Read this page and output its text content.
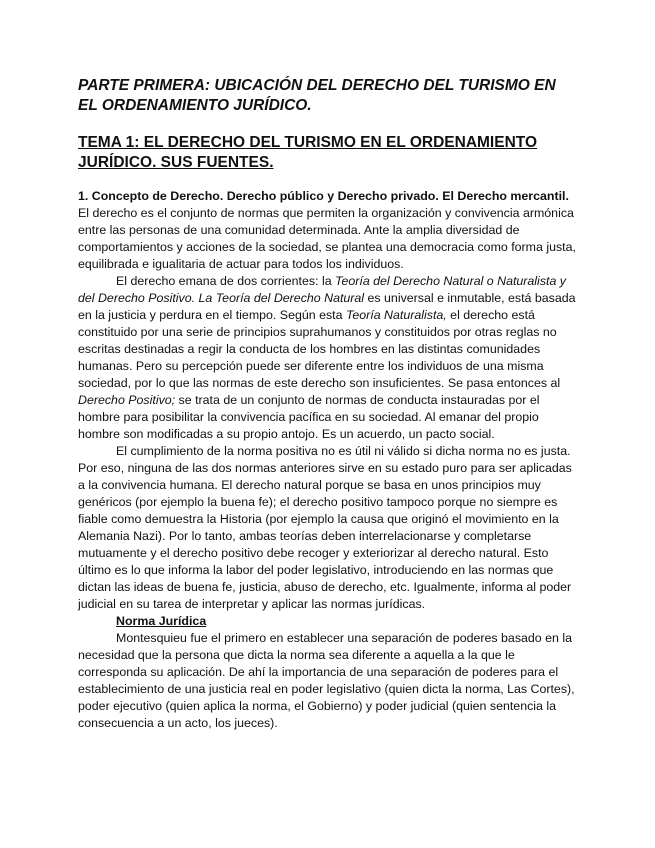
PARTE PRIMERA: UBICACIÓN DEL DERECHO DEL TURISMO EN EL ORDENAMIENTO JURÍDICO.
TEMA 1: EL DERECHO DEL TURISMO EN EL ORDENAMIENTO JURÍDICO. SUS FUENTES.

1. Concepto de Derecho. Derecho público y Derecho privado. El Derecho mercantil.

El derecho es el conjunto de normas que permiten la organización y convivencia armónica entre las personas de una comunidad determinada. Ante la amplia diversidad de comportamientos y acciones de la sociedad, se plantea una democracia como forma justa, equilibrada e igualitaria de actuar para todos los individuos.

El derecho emana de dos corrientes: la Teoría del Derecho Natural o Naturalista y del Derecho Positivo. La Teoría del Derecho Natural es universal e inmutable, está basada en la justicia y perdura en el tiempo. Según esta Teoría Naturalista, el derecho está constituido por una serie de principios suprahumanos y constituidos por otras reglas no escritas destinadas a regir la conducta de los hombres en las distintas comunidades humanas. Pero su percepción puede ser diferente entre los individuos de una misma sociedad, por lo que las normas de este derecho son insuficientes. Se pasa entonces al Derecho Positivo; se trata de un conjunto de normas de conducta instauradas por el hombre para posibilitar la convivencia pacífica en su sociedad. Al emanar del propio hombre son modificadas a su propio antojo. Es un acuerdo, un pacto social.

El cumplimiento de la norma positiva no es útil ni válido si dicha norma no es justa. Por eso, ninguna de las dos normas anteriores sirve en su estado puro para ser aplicadas a la convivencia humana. El derecho natural porque se basa en unos principios muy genéricos (por ejemplo la buena fe); el derecho positivo tampoco porque no siempre es fiable como demuestra la Historia (por ejemplo la causa que originó el movimiento en la Alemania Nazi). Por lo tanto, ambas teorías deben interrelacionarse y completarse mutuamente y el derecho positivo debe recoger y exteriorizar al derecho natural. Esto último es lo que informa la labor del poder legislativo, introduciendo en las normas que dictan las ideas de buena fe, justicia, abuso de derecho, etc. Igualmente, informa al poder judicial en su tarea de interpretar y aplicar las normas jurídicas.

Norma Jurídica

Montesquieu fue el primero en establecer una separación de poderes basado en la necesidad que la persona que dicta la norma sea diferente a aquella a la que le corresponda su aplicación. De ahí la importancia de una separación de poderes para el establecimiento de una justicia real en poder legislativo (quien dicta la norma, Las Cortes), poder ejecutivo (quien aplica la norma, el Gobierno) y poder judicial (quien sentencia la consecuencia a un acto, los jueces).
